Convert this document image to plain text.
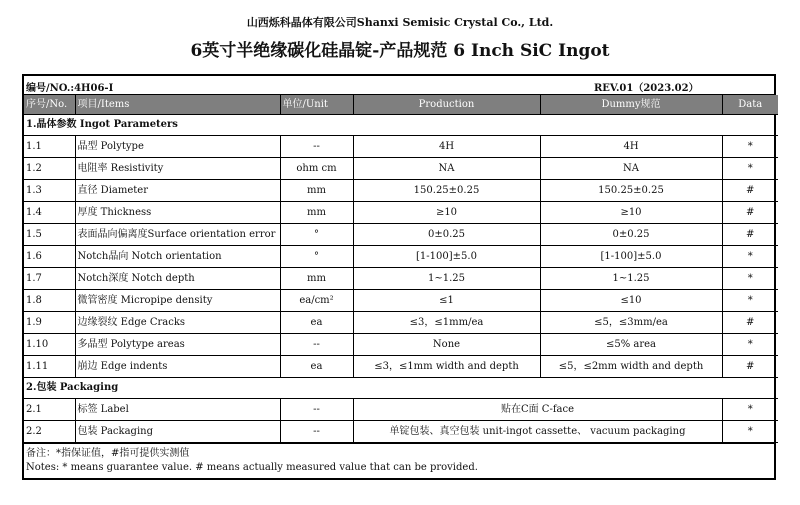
山西烁科晶体有限公司Shanxi Semisic Crystal Co., Ltd.
6英寸半绝缘碳化硅晶锭-产品规范 6 Inch SiC Ingot
编号/NO.:4H06-I	REV.01（2023.02）
序号/No.	项目/Items	单位/Unit	Production	Dummy规范	Data
1.晶体参数 Ingot Parameters					
1.1	晶型 Polytype	--	4H	4H	*
1.2	电阻率 Resistivity	ohm cm	NA	NA	*
1.3	直径 Diameter	mm	150.25±0.25	150.25±0.25	#
1.4	厚度 Thickness	mm	≥10	≥10	#
1.5	表面晶向偏离度Surface orientation error	°	0±0.25	0±0.25	#
1.6	Notch晶向 Notch orientation	°	[1-100]±5.0	[1-100]±5.0	*
1.7	Notch深度 Notch depth	mm	1~1.25	1~1.25	*
1.8	微管密度 Micropipe density	ea/cm²	≤1	≤10	*
1.9	边缘裂纹 Edge Cracks	ea	≤3，≤1mm/ea	≤5，≤3mm/ea	#
1.10	多晶型 Polytype areas	--	None	≤5% area	*
1.11	崩边 Edge indents	ea	≤3，≤1mm width and depth	≤5，≤2mm width and depth	#
2.包装 Packaging					
2.1	标签 Label	--	贴在C面 C-face		*
2.2	包装 Packaging	--	单锭包装、真空包装 unit-ingot cassette、 vacuum packaging		*
备注：*指保证值，#指可提供实测值
Notes: * means guarantee value. # means actually measured value that can be provided.
